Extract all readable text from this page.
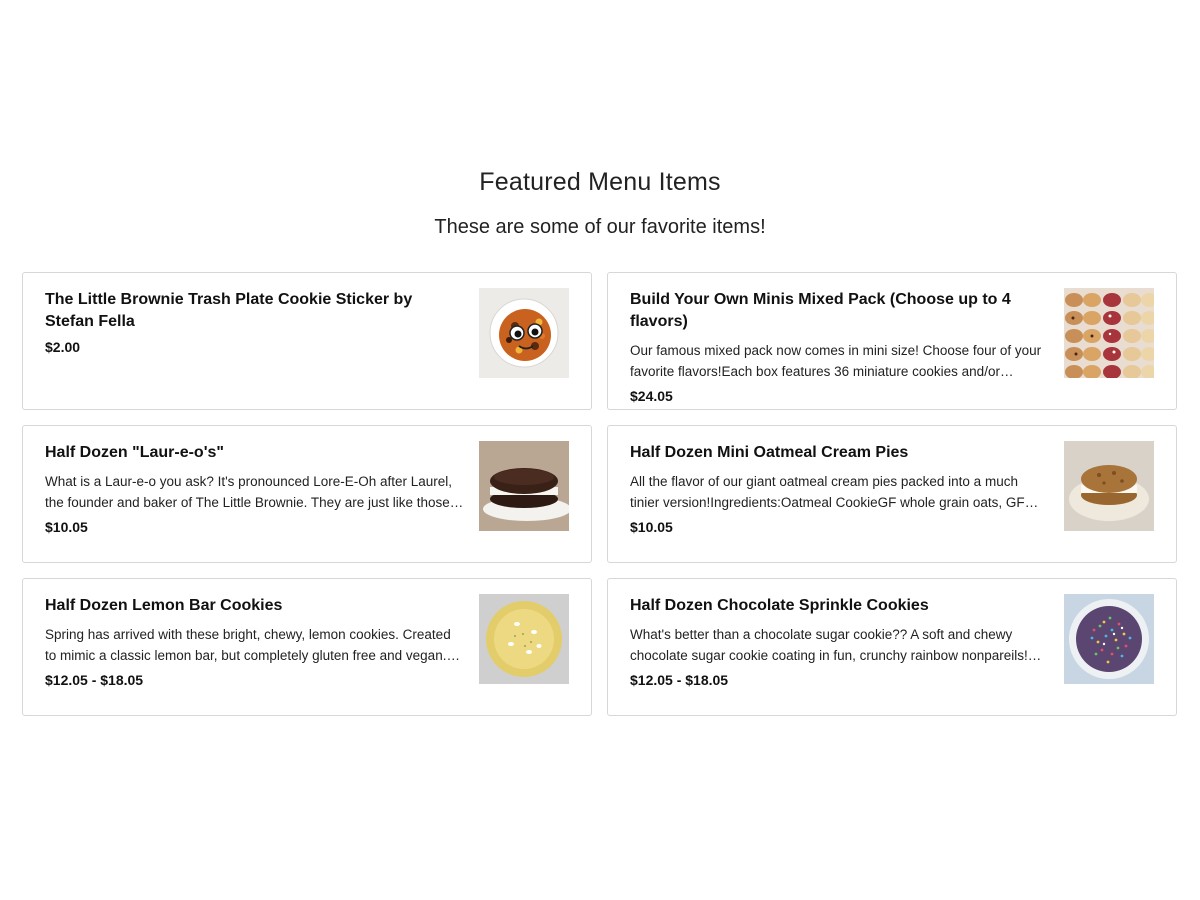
Featured Menu Items

These are some of our favorite items!

The Little Brownie Trash Plate Cookie Sticker by Stefan Fella
$2.00
Build Your Own Minis Mixed Pack (Choose up to 4 flavors)
Our famous mixed pack now comes in mini size! Choose four of your favorite flavors!Each box features 36 miniature cookies and/or
$24.05
Half Dozen "Laur-e-o's"
What is a Laur-e-o you ask? It's pronounced Lore-E-Oh after Laurel, the founder and baker of The Little Brownie. They are just like those
$10.05
Half Dozen Mini Oatmeal Cream Pies
All the flavor of our giant oatmeal cream pies packed into a much tinier version!Ingredients:Oatmeal CookieGF whole grain oats, GF
$10.05
Half Dozen Lemon Bar Cookies
Spring has arrived with these bright, chewy, lemon cookies. Created to mimic a classic lemon bar, but completely gluten free and vegan.
$12.05 - $18.05
Half Dozen Chocolate Sprinkle Cookies
What's better than a chocolate sugar cookie?? A soft and chewy chocolate sugar cookie coating in fun, crunchy rainbow nonpareils!
$12.05 - $18.05
